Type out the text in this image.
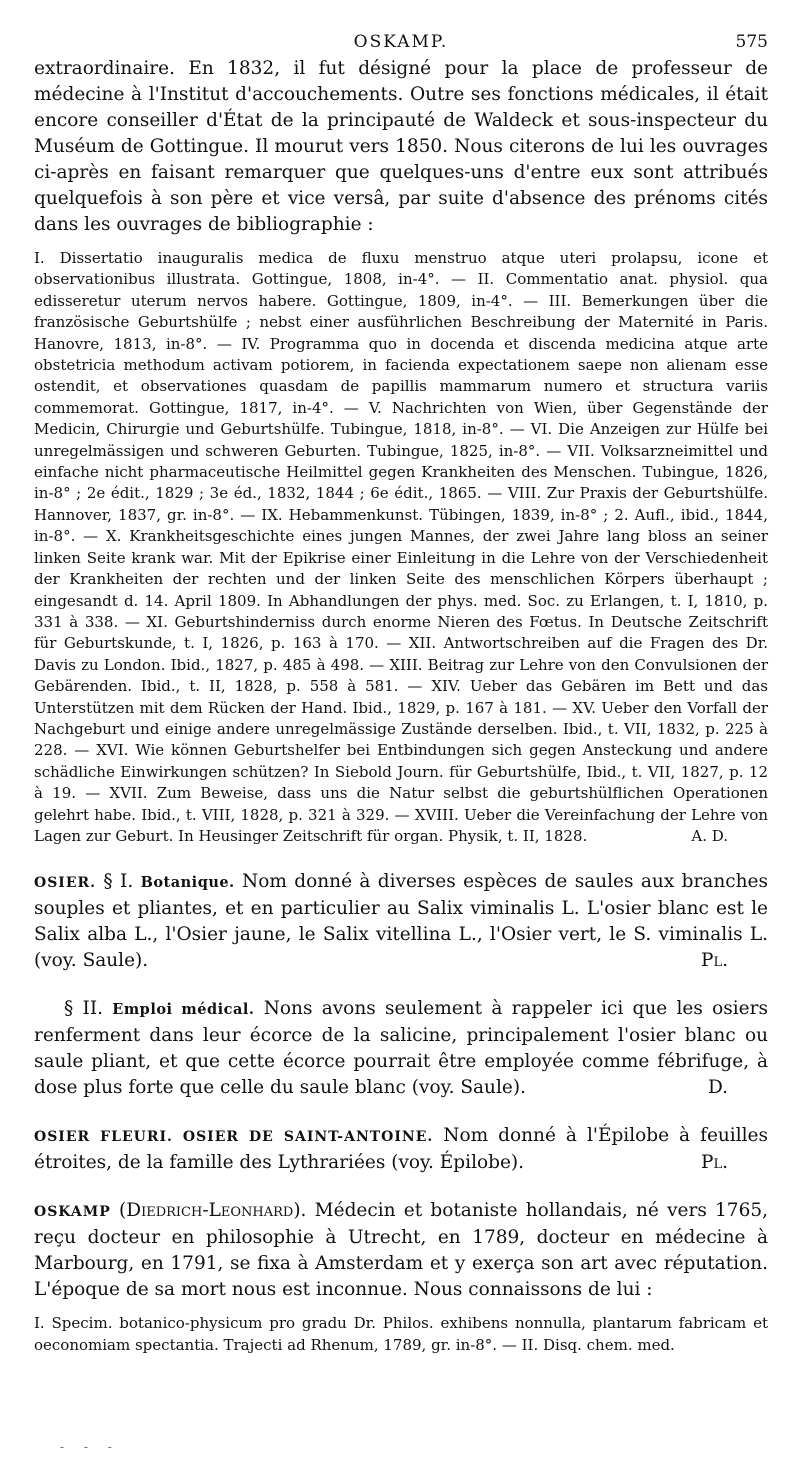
OSKAMP.	575

extraordinaire. En 1832, il fut désigné pour la place de professeur de médecine à l'Institut d'accouchements. Outre ses fonctions médicales, il était encore conseiller d'État de la principauté de Waldeck et sous-inspecteur du Muséum de Gottingue. Il mourut vers 1850. Nous citerons de lui les ouvrages ci-après en faisant remarquer que quelques-uns d'entre eux sont attribués quelquefois à son père et vice versâ, par suite d'absence des prénoms cités dans les ouvrages de bibliographie :

I. Dissertatio inauguralis medica de fluxu menstruo atque uteri prolapsu, icone et observationibus illustrata. Gottingue, 1808, in-4°. — II. Commentatio anat. physiol. qua edisseretur uterum nervos habere. Gottingue, 1809, in-4°. — III. Bemerkungen über die französische Geburtshülfe ; nebst einer ausführlichen Beschreibung der Maternité in Paris. Hanovre, 1813, in-8°. — IV. Programma quo in docenda et discenda medicina atque arte obstetricia methodum activam potiorem, in facienda expectationem saepe non alienam esse ostendit, et observationes quasdam de papillis mammarum numero et structura variis commemorat. Gottingue, 1817, in-4°. — V. Nachrichten von Wien, über Gegenstände der Medicin, Chirurgie und Geburtshülfe. Tubingue, 1818, in-8°. — VI. Die Anzeigen zur Hülfe bei unregelmässigen und schweren Geburten. Tubingue, 1825, in-8°. — VII. Volksarzneimittel und einfache nicht pharmaceutische Heilmittel gegen Krankheiten des Menschen. Tubingue, 1826, in-8° ; 2e édit., 1829 ; 3e éd., 1832, 1844 ; 6e édit., 1865. — VIII. Zur Praxis der Geburtshülfe. Hannover, 1837, gr. in-8°. — IX. Hebammenkunst. Tübingen, 1839, in-8° ; 2. Aufl., ibid., 1844, in-8°. — X. Krankheitsgeschichte eines jungen Mannes, der zwei Jahre lang bloss an seiner linken Seite krank war. Mit der Epikrise einer Einleitung in die Lehre von der Verschiedenheit der Krankheiten der rechten und der linken Seite des menschlichen Körpers überhaupt ; eingesandt d. 14. April 1809. In Abhandlungen der phys. med. Soc. zu Erlangen, t. I, 1810, p. 331 à 338. — XI. Geburtshinderniss durch enorme Nieren des Fœtus. In Deutsche Zeitschrift für Geburtskunde, t. I, 1826, p. 163 à 170. — XII. Antwortschreiben auf die Fragen des Dr. Davis zu London. Ibid., 1827, p. 485 à 498. — XIII. Beitrag zur Lehre von den Convulsionen der Gebärenden. Ibid., t. II, 1828, p. 558 à 581. — XIV. Ueber das Gebären im Bett und das Unterstützen mit dem Rücken der Hand. Ibid., 1829, p. 167 à 181. — XV. Ueber den Vorfall der Nachgeburt und einige andere unregelmässige Zustände derselben. Ibid., t. VII, 1832, p. 225 à 228. — XVI. Wie können Geburtshelfer bei Entbindungen sich gegen Ansteckung und andere schädliche Einwirkungen schützen? In Siebold Journ. für Geburtshülfe, Ibid., t. VII, 1827, p. 12 à 19. — XVII. Zum Beweise, dass uns die Natur selbst die geburtshülflichen Operationen gelehrt habe. Ibid., t. VIII, 1828, p. 321 à 329. — XVIII. Ueber die Vereinfachung der Lehre von Lagen zur Geburt. In Heusinger Zeitschrift für organ. Physik, t. II, 1828.	A. D.

OSIER. § I. Botanique. Nom donné à diverses espèces de saules aux branches souples et pliantes, et en particulier au Salix viminalis L. L'osier blanc est le Salix alba L., l'Osier jaune, le Salix vitellina L., l'Osier vert, le S. viminalis L. (voy. Saule).	Pl.

§ II. Emploi médical. Nons avons seulement à rappeler ici que les osiers renferment dans leur écorce de la salicine, principalement l'osier blanc ou saule pliant, et que cette écorce pourrait être employée comme fébrifuge, à dose plus forte que celle du saule blanc (voy. Saule).	D.

OSIER FLEURI. OSIER DE SAINT-ANTOINE. Nom donné à l'Épilobe à feuilles étroites, de la famille des Lythrariées (voy. Épilobe).	Pl.

OSKAMP (Diedrich-Leonhard). Médecin et botaniste hollandais, né vers 1765, reçu docteur en philosophie à Utrecht, en 1789, docteur en médecine à Marbourg, en 1791, se fixa à Amsterdam et y exerça son art avec réputation. L'époque de sa mort nous est inconnue. Nous connaissons de lui :

I. Specim. botanico-physicum pro gradu Dr. Philos. exhibens nonnulla, plantarum fabricam et oeconomiam spectantia. Trajecti ad Rhenum, 1789, gr. in-8°. — II. Disq. chem. med.

- - -
